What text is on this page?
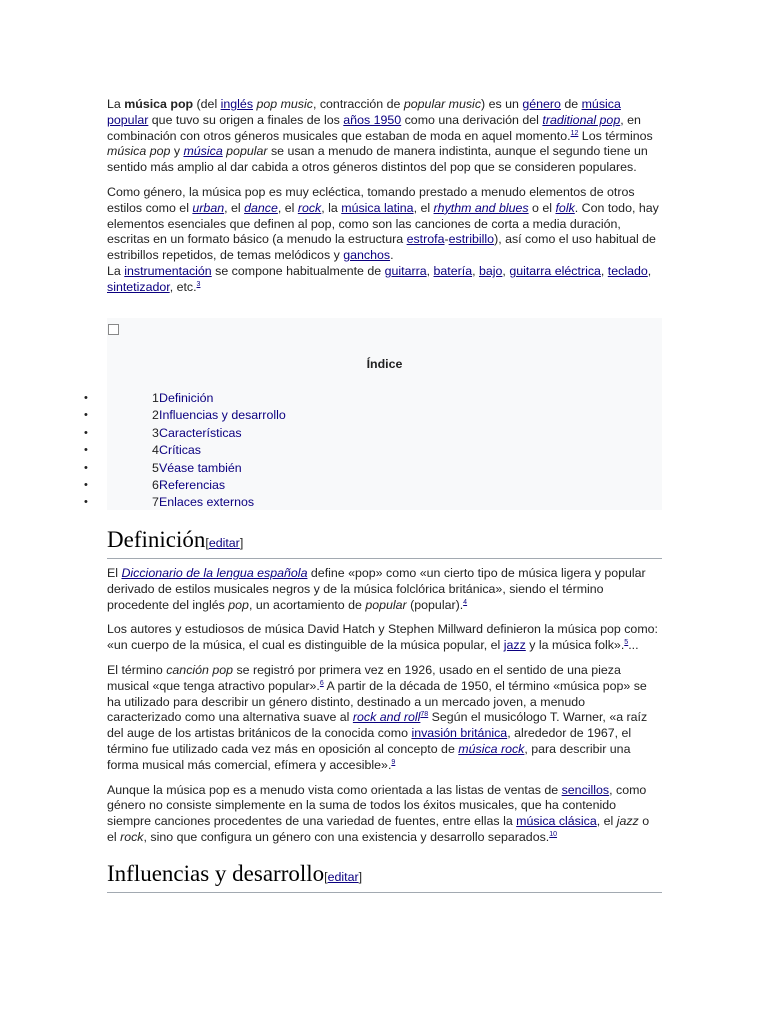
La música pop (del inglés pop music, contracción de popular music) es un género de música popular que tuvo su origen a finales de los años 1950 como una derivación del traditional pop, en combinación con otros géneros musicales que estaban de moda en aquel momento.$^{12}$ Los términos música pop y música popular se usan a menudo de manera indistinta, aunque el segundo tiene un sentido más amplio al dar cabida a otros géneros distintos del pop que se consideren populares.

Como género, la música pop es muy ecléctica, tomando prestado a menudo elementos de otros estilos como el urban, el dance, el rock, la música latina, el rhythm and blues o el folk. Con todo, hay elementos esenciales que definen al pop, como son las canciones de corta a media duración, escritas en un formato básico (a menudo la estructura estrofa-estribillo), así como el uso habitual de estribillos repetidos, de temas melódicos y ganchos.
La instrumentación se compone habitualmente de guitarra, batería, bajo, guitarra eléctrica, teclado, sintetizador, etc.$^3$

Índice
•	1 Definición
•	2 Influencias y desarrollo
•	3 Características
•	4 Críticas
•	5 Véase también
•	6 Referencias
•	7 Enlaces externos
Definición[editar]

El Diccionario de la lengua española define «pop» como «un cierto tipo de música ligera y popular derivado de estilos musicales negros y de la música folclórica británica», siendo el término procedente del inglés pop, un acortamiento de popular (popular).$^4$

Los autores y estudiosos de música David Hatch y Stephen Millward definieron la música pop como: «un cuerpo de la música, el cual es distinguible de la música popular, el jazz y la música folk».$^5$...

El término canción pop se registró por primera vez en 1926, usado en el sentido de una pieza musical «que tenga atractivo popular».$^6$ A partir de la década de 1950, el término «música pop» se ha utilizado para describir un género distinto, destinado a un mercado joven, a menudo caracterizado como una alternativa suave al rock and roll$^{78}$ Según el musicólogo T. Warner, «a raíz del auge de los artistas británicos de la conocida como invasión británica, alrededor de 1967, el término fue utilizado cada vez más en oposición al concepto de música rock, para describir una forma musical más comercial, efímera y accesible».$^9$

Aunque la música pop es a menudo vista como orientada a las listas de ventas de sencillos, como género no consiste simplemente en la suma de todos los éxitos musicales, que ha contenido siempre canciones procedentes de una variedad de fuentes, entre ellas la música clásica, el jazz o el rock, sino que configura un género con una existencia y desarrollo separados.$^{10}$

Influencias y desarrollo[editar]
